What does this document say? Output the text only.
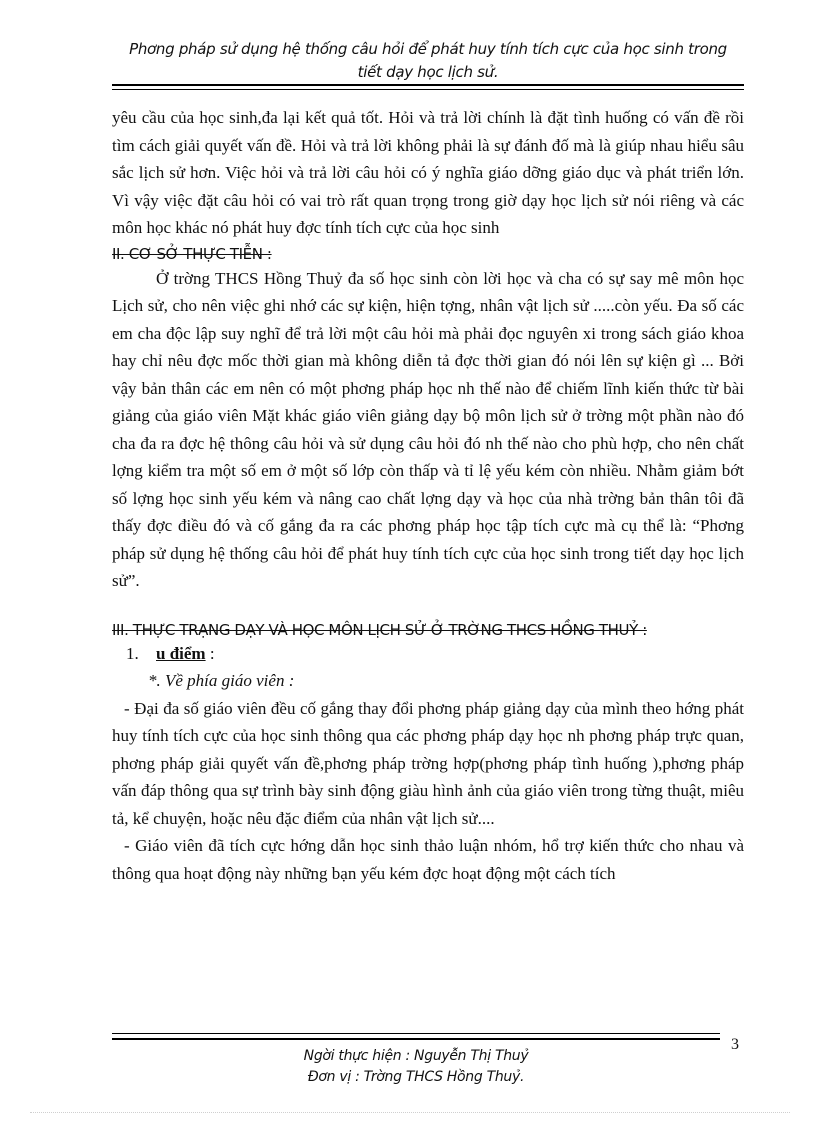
Phơng pháp sử dụng hệ thống câu hỏi để phát huy tính tích cực của học sinh trong
tiết dạy học lịch sử.

yêu cầu của học sinh,đa lại kết quả tốt. Hỏi và trả lời chính là đặt tình huống có vấn đề rồi tìm cách giải quyết vấn đề. Hỏi và trả lời không phải là sự đánh đố mà là giúp nhau hiểu sâu sắc lịch sử hơn. Việc hỏi và trả lời câu hỏi có ý nghĩa giáo dỡng giáo dục và phát triển lớn. Vì vậy việc đặt câu hỏi có vai trò rất quan trọng trong giờ dạy học lịch sử nói riêng và các môn học khác nó phát huy đợc tính tích cực của học sinh

II. CƠ SỞ THỰC TIỄN :

Ở trờng THCS Hồng Thuỷ đa số học sinh còn lời học và cha có sự say mê môn học Lịch sử, cho nên việc ghi nhớ các sự kiện, hiện tợng, nhân vật lịch sử .....còn yếu. Đa số các em cha độc lập suy nghĩ để trả lời một câu hỏi mà phải đọc nguyên xi trong sách giáo khoa hay chỉ nêu đợc mốc thời gian mà không diễn tả đợc thời gian đó nói lên sự kiện gì ... Bởi vậy bản thân các em nên có một phơng pháp học nh thế nào để chiếm lĩnh kiến thức từ bài giảng của giáo viên Mặt khác giáo viên giảng dạy bộ môn lịch sử ở trờng một phần nào đó cha đa ra đợc hệ thông câu hỏi và sử dụng câu hỏi đó nh thế nào cho phù hợp, cho nên chất lợng kiểm tra một số em ở một số lớp còn thấp và tỉ lệ yếu kém còn nhiều. Nhằm giảm bớt số lợng học sinh yếu kém và nâng cao chất lợng dạy và học của nhà trờng bản thân tôi đã thấy đợc điều đó và cố gắng đa ra các phơng pháp học tập tích cực mà cụ thể là: “Phơng pháp sử dụng hệ thống câu hỏi để phát huy tính tích cực của học sinh trong tiết dạy học lịch sử”.

III. THỰC TRẠNG DẠY VÀ HỌC MÔN LỊCH SỬ Ở TRỜNG THCS HỒNG THUỶ :

1. u điểm :

*. Về phía giáo viên :

- Đại đa số giáo viên đều cố gắng thay đổi phơng pháp giảng dạy của mình theo hớng phát huy tính tích cực của học sinh thông qua các phơng pháp dạy học nh phơng pháp trực quan, phơng pháp giải quyết vấn đề,phơng pháp trờng hợp(phơng pháp tình huống ),phơng pháp vấn đáp thông qua sự trình bày sinh động giàu hình ảnh của giáo viên trong từng thuật, miêu tả, kể chuyện, hoặc nêu đặc điểm của nhân vật lịch sử....

- Giáo viên đã tích cực hớng dẫn học sinh thảo luận nhóm, hổ trợ kiến thức cho nhau và thông qua hoạt động này những bạn yếu kém đợc hoạt động một cách tích

3
Ngời thực hiện : Nguyễn Thị Thuỷ
Đơn vị : Trờng THCS Hồng Thuỷ.
